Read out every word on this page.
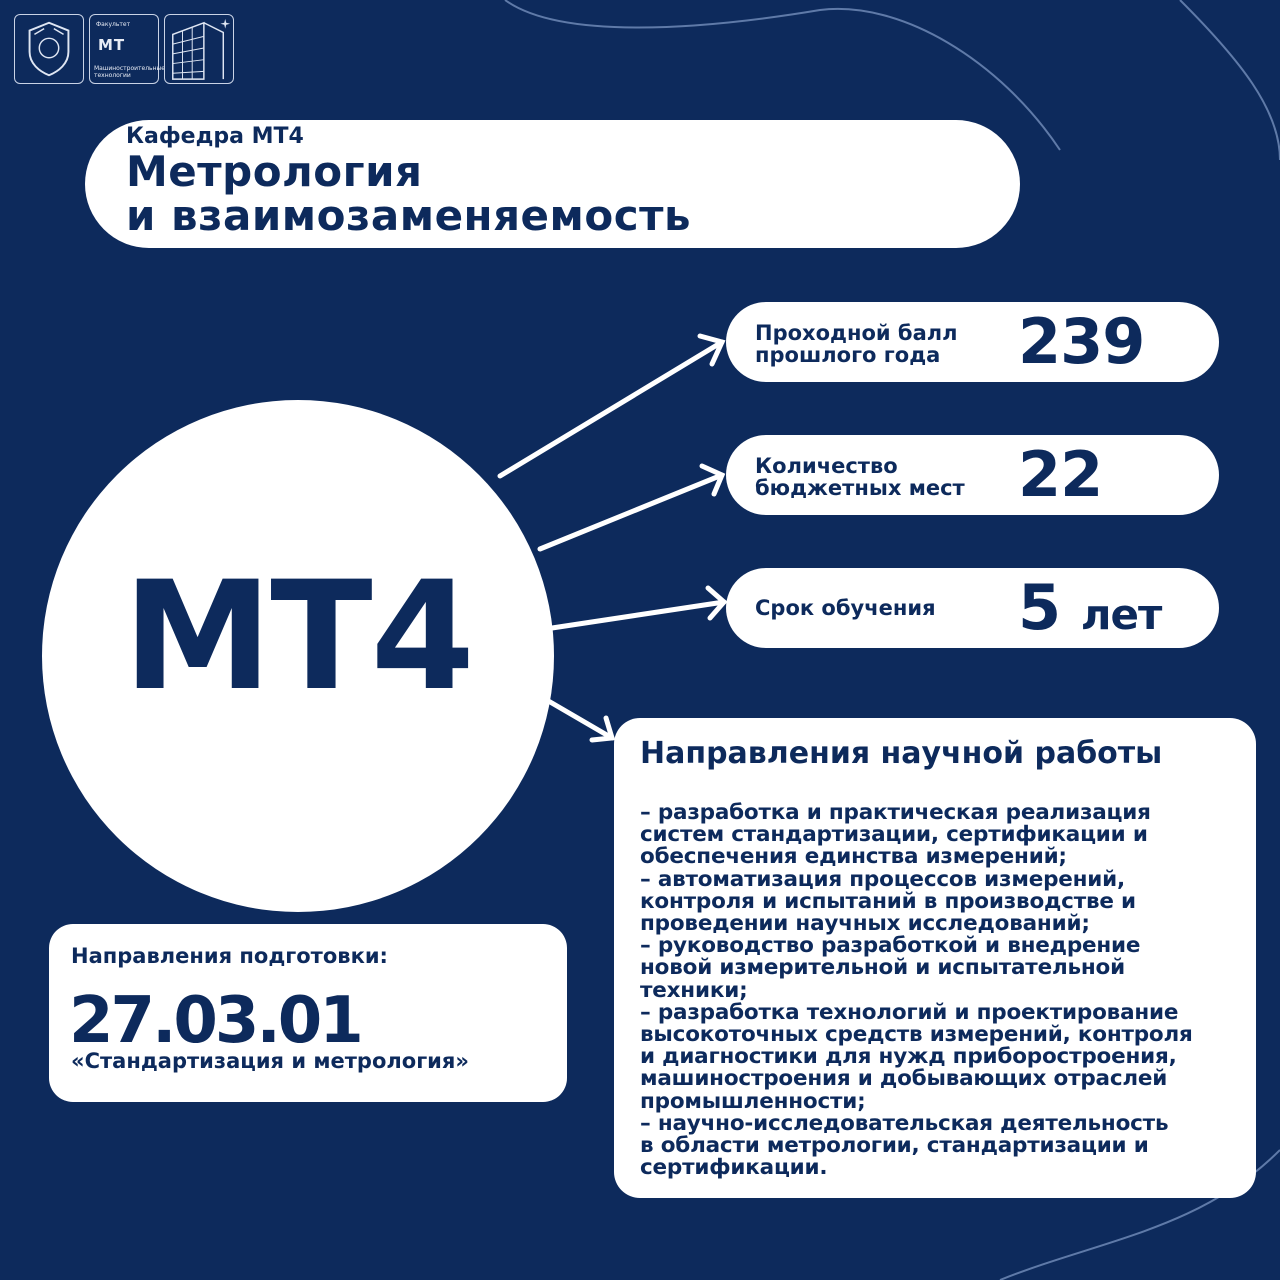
Факультет
МТ
Машиностроительные
технологии
Кафедра МТ4
Метрология
и взаимозаменяемость
МТ4
Проходной балл
прошлого года 239
Количество
бюджетных мест 22
Срок обучения 5 лет
Направления подготовки:
27.03.01
«Стандартизация и метрология»
Направления научной работы
– разработка и практическая реализация
систем стандартизации, сертификации и
обеспечения единства измерений;
– автоматизация процессов измерений,
контроля и испытаний в производстве и
проведении научных исследований;
– руководство разработкой и внедрение
новой измерительной и испытательной
техники;
– разработка технологий и проектирование
высокоточных средств измерений, контроля
и диагностики для нужд приборостроения,
машиностроения и добывающих отраслей
промышленности;
– научно-исследовательская деятельность
в области метрологии, стандартизации и
сертификации.
